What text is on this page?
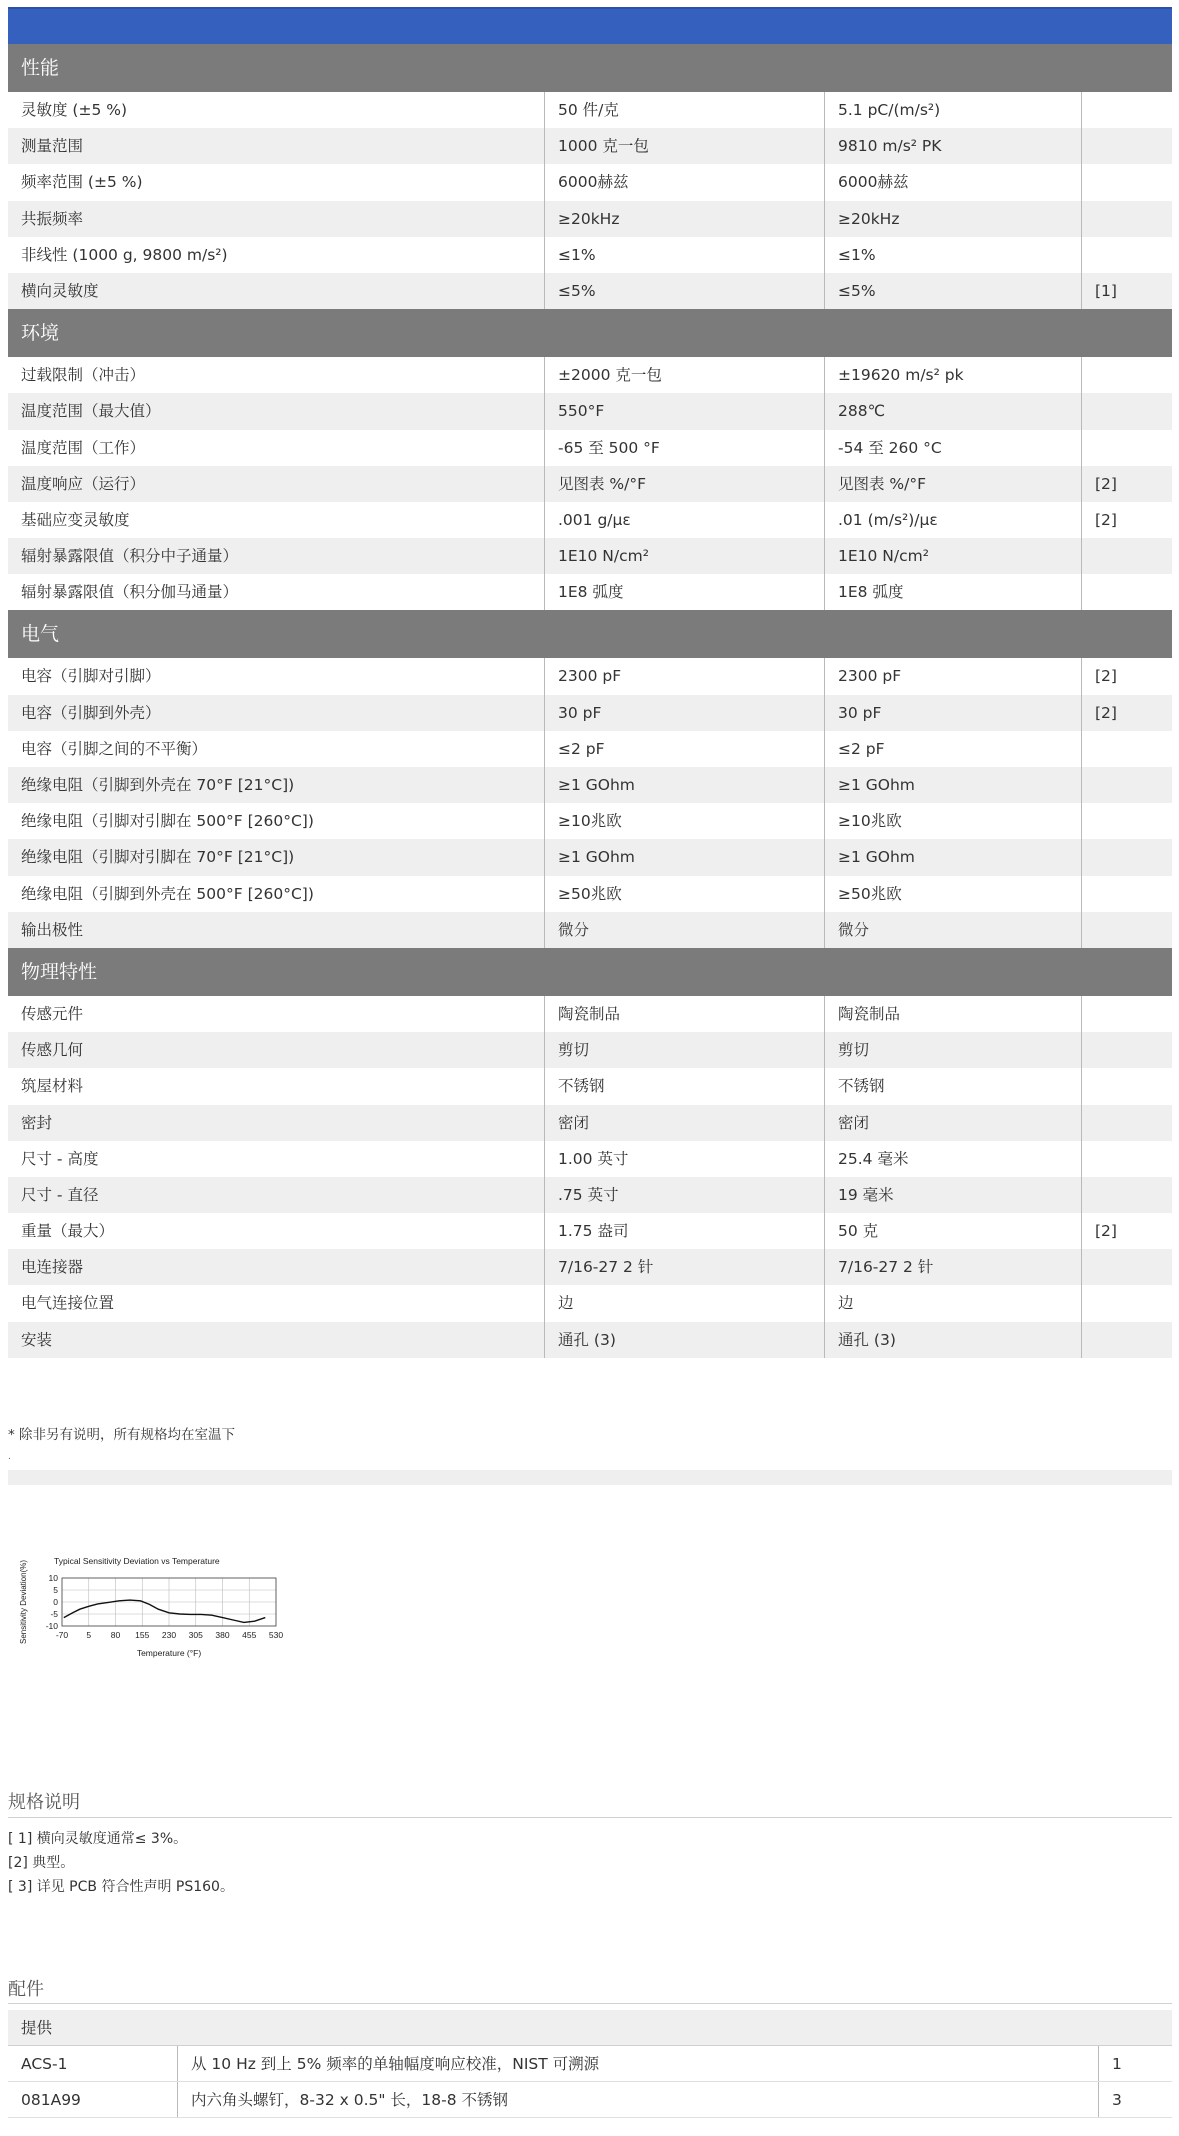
性能
灵敏度 (±5 %)	50 件/克	5.1 pC/(m/s²)
测量范围	1000 克一包	9810 m/s² PK
频率范围 (±5 %)	6000赫兹	6000赫兹
共振频率	≥20kHz	≥20kHz
非线性 (1000 g, 9800 m/s²)	≤1%	≤1%
横向灵敏度	≤5%	≤5%	[1]
环境
过载限制（冲击）	±2000 克一包	±19620 m/s² pk
温度范围（最大值）	550°F	288℃
温度范围（工作）	-65 至 500 °F	-54 至 260 °C
温度响应（运行）	见图表 %/°F	见图表 %/°F	[2]
基础应变灵敏度	.001 g/με	.01 (m/s²)/με	[2]
辐射暴露限值（积分中子通量）	1E10 N/cm²	1E10 N/cm²
辐射暴露限值（积分伽马通量）	1E8 弧度	1E8 弧度
电气
电容（引脚对引脚）	2300 pF	2300 pF	[2]
电容（引脚到外壳）	30 pF	30 pF	[2]
电容（引脚之间的不平衡）	≤2 pF	≤2 pF
绝缘电阻（引脚到外壳在 70°F [21°C])	≥1 GOhm	≥1 GOhm
绝缘电阻（引脚对引脚在 500°F [260°C])	≥10兆欧	≥10兆欧
绝缘电阻（引脚对引脚在 70°F [21°C])	≥1 GOhm	≥1 GOhm
绝缘电阻（引脚到外壳在 500°F [260°C])	≥50兆欧	≥50兆欧
输出极性	微分	微分
物理特性
传感元件	陶瓷制品	陶瓷制品
传感几何	剪切	剪切
筑屋材料	不锈钢	不锈钢
密封	密闭	密闭
尺寸 - 高度	1.00 英寸	25.4 毫米
尺寸 - 直径	.75 英寸	19 毫米
重量（最大）	1.75 盎司	50 克	[2]
电连接器	7/16-27 2 针	7/16-27 2 针
电气连接位置	边	边
安装	通孔 (3)	通孔 (3)
* 除非另有说明，所有规格均在室温下
.
Typical Sensitivity Deviation vs Temperature
-70 5 80 155 230 305 380 455 530
10
5
0
-5
-10
Temperature (°F)
Sensitivity Deviation(%)
规格说明
[ 1] 横向灵敏度通常≤ 3%。
[2] 典型。
[ 3] 详见 PCB 符合性声明 PS160。
配件
提供
ACS-1	从 10 Hz 到上 5% 频率的单轴幅度响应校准，NIST 可溯源	1
081A99	内六角头螺钉，8-32 x 0.5" 长，18-8 不锈钢	3
